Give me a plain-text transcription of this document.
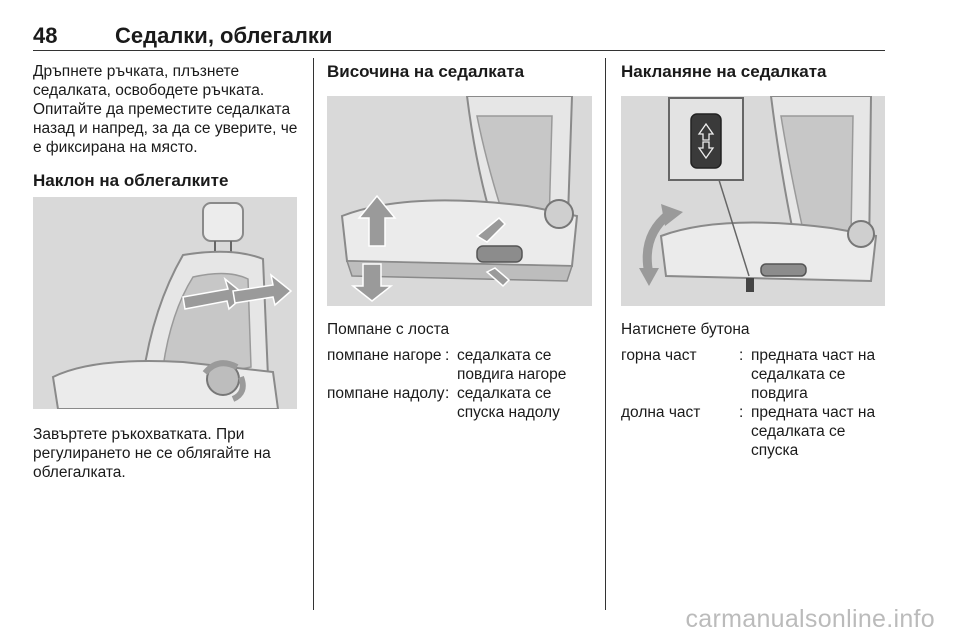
48	Седалки, облегалки

Дръпнете ръчката, плъзнете седалката, освободете ръчката. Опитайте да преместите седалката назад и напред, за да се уверите, че е фиксирана на място.

Наклон на облегалките

Завъртете ръкохватката. При регулирането не се облягайте на облегалката.

Височина на седалката

Помпане с лоста
помпане нагоре : седалката се повдига нагоре
помпане надолу : седалката се спуска надолу

Накланяне на седалката

Натиснете бутона
горна част	: предната част на седалката се повдига
долна част	: предната част на седалката се спуска
carmanualsonline.info
